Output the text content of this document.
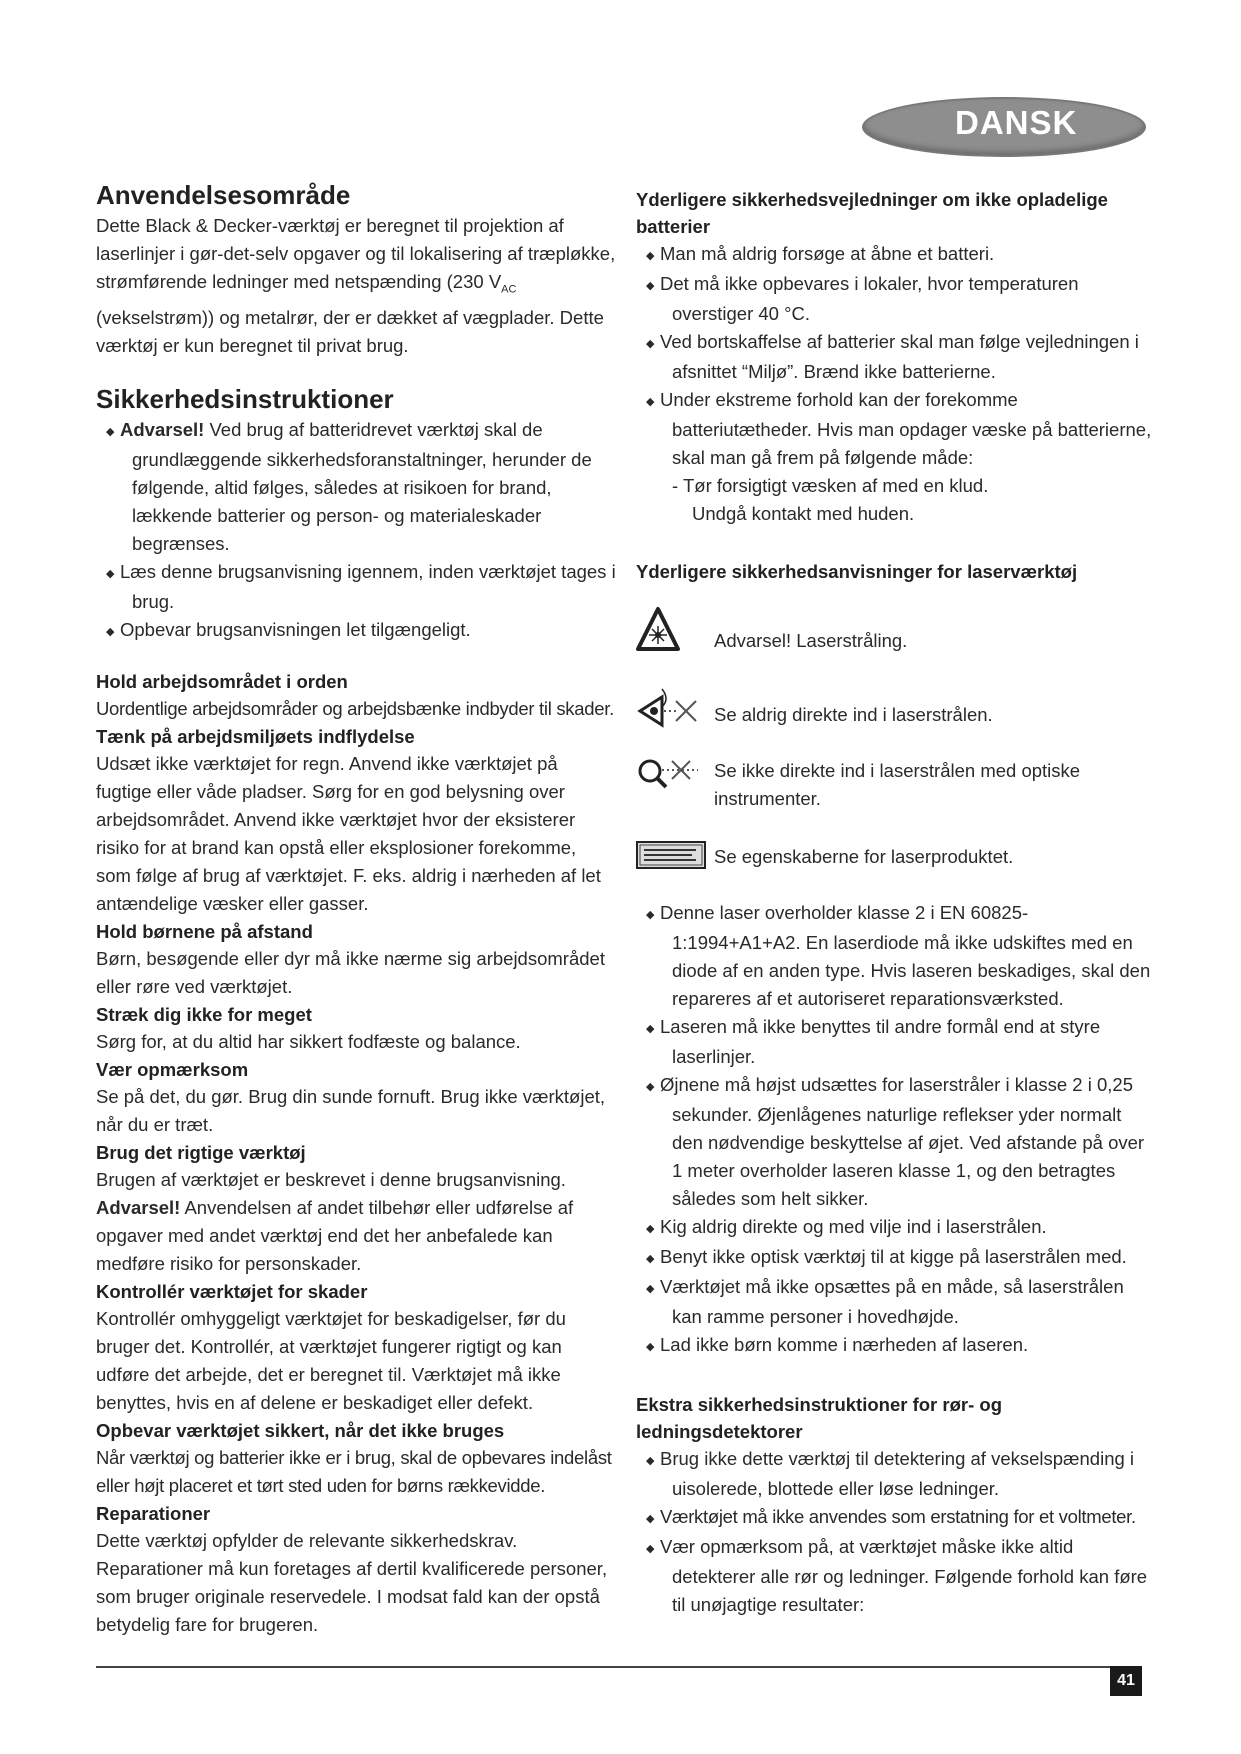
DANSK
Anvendelsesområde

Dette Black & Decker-værktøj er beregnet til projektion af laserlinjer i gør-det-selv opgaver og til lokalisering af træpløkke, strømførende ledninger med netspænding (230 $V_{AC}$ (vekselstrøm)) og metalrør, der er dækket af vægplader. Dette værktøj er kun beregnet til privat brug.

Sikkerhedsinstruktioner

◆ Advarsel! Ved brug af batteridrevet værktøj skal de grundlæggende sikkerhedsforanstaltninger, herunder de følgende, altid følges, således at risikoen for brand, lækkende batterier og person- og materialeskader begrænses.

◆ Læs denne brugsanvisning igennem, inden værktøjet tages i brug.

◆ Opbevar brugsanvisningen let tilgængeligt.

Hold arbejdsområdet i orden

Uordentlige arbejdsområder og arbejdsbænke indbyder til skader.

Tænk på arbejdsmiljøets indflydelse

Udsæt ikke værktøjet for regn. Anvend ikke værktøjet på fugtige eller våde pladser. Sørg for en god belysning over arbejdsområdet. Anvend ikke værktøjet hvor der eksisterer risiko for at brand kan opstå eller eksplosioner forekomme, som følge af brug af værktøjet. F. eks. aldrig i nærheden af let antændelige væsker eller gasser.

Hold børnene på afstand

Børn, besøgende eller dyr må ikke nærme sig arbejdsområdet eller røre ved værktøjet.

Stræk dig ikke for meget

Sørg for, at du altid har sikkert fodfæste og balance.

Vær opmærksom

Se på det, du gør. Brug din sunde fornuft. Brug ikke værktøjet, når du er træt.

Brug det rigtige værktøj

Brugen af værktøjet er beskrevet i denne brugsanvisning.

Advarsel! Anvendelsen af andet tilbehør eller udførelse af opgaver med andet værktøj end det her anbefalede kan medføre risiko for personskader.

Kontrollér værktøjet for skader

Kontrollér omhyggeligt værktøjet for beskadigelser, før du bruger det. Kontrollér, at værktøjet fungerer rigtigt og kan udføre det arbejde, det er beregnet til. Værktøjet må ikke benyttes, hvis en af delene er beskadiget eller defekt.

Opbevar værktøjet sikkert, når det ikke bruges

Når værktøj og batterier ikke er i brug, skal de opbevares indelåst eller højt placeret et tørt sted uden for børns rækkevidde.

Reparationer

Dette værktøj opfylder de relevante sikkerhedskrav. Reparationer må kun foretages af dertil kvalificerede personer, som bruger originale reservedele. I modsat fald kan der opstå betydelig fare for brugeren.

Yderligere sikkerhedsvejledninger om ikke opladelige batterier

◆ Man må aldrig forsøge at åbne et batteri.

◆ Det må ikke opbevares i lokaler, hvor temperaturen overstiger 40 °C.

◆ Ved bortskaffelse af batterier skal man følge vejledningen i afsnittet “Miljø”. Brænd ikke batterierne.

◆ Under ekstreme forhold kan der forekomme batteriutætheder. Hvis man opdager væske på batterierne, skal man gå frem på følgende måde:

- Tør forsigtigt væsken af med en klud.

Undgå kontakt med huden.

Yderligere sikkerhedsanvisninger for laserværktøj

Advarsel! Laserstråling.

Se aldrig direkte ind i laserstrålen.

Se ikke direkte ind i laserstrålen med optiske instrumenter.

Se egenskaberne for laserproduktet.

◆ Denne laser overholder klasse 2 i EN 60825-1:1994+A1+A2. En laserdiode må ikke udskiftes med en diode af en anden type. Hvis laseren beskadiges, skal den repareres af et autoriseret reparationsværksted.

◆ Laseren må ikke benyttes til andre formål end at styre laserlinjer.

◆ Øjnene må højst udsættes for laserstråler i klasse 2 i 0,25 sekunder. Øjenlågenes naturlige reflekser yder normalt den nødvendige beskyttelse af øjet. Ved afstande på over 1 meter overholder laseren klasse 1, og den betragtes således som helt sikker.

◆ Kig aldrig direkte og med vilje ind i laserstrålen.

◆ Benyt ikke optisk værktøj til at kigge på laserstrålen med.

◆ Værktøjet må ikke opsættes på en måde, så laserstrålen kan ramme personer i hovedhøjde.

◆ Lad ikke børn komme i nærheden af laseren.

Ekstra sikkerhedsinstruktioner for rør- og ledningsdetektorer

◆ Brug ikke dette værktøj til detektering af vekselspænding i uisolerede, blottede eller løse ledninger.

◆ Værktøjet må ikke anvendes som erstatning for et voltmeter.

◆ Vær opmærksom på, at værktøjet måske ikke altid detekterer alle rør og ledninger. Følgende forhold kan føre til unøjagtige resultater:

41
